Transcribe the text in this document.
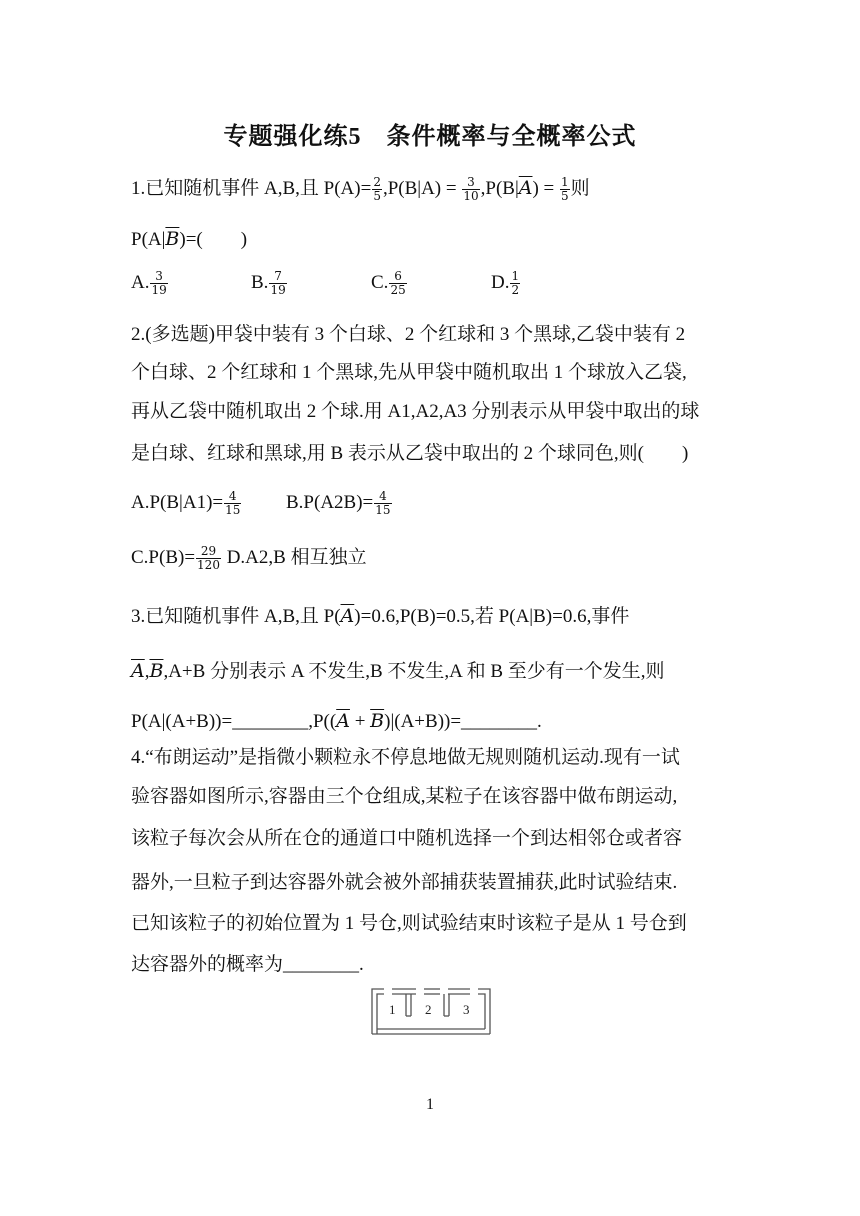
专题强化练5　条件概率与全概率公式
1.已知随机事件 A,B,且 $P(A)= \frac{2}{5} ,P(B|A) = \frac{3}{10} ,P(B|\overline{A}) = \frac{1}{5}$ 则
$P(A|\overline{B})=$(　　)
A. $\frac{3}{19}$	B. $\frac{7}{19}$	C. $\frac{6}{25}$	D. $\frac{1}{2}$
2.(多选题)甲袋中装有 3 个白球、2 个红球和 3 个黑球,乙袋中装有 2
个白球、2 个红球和 1 个黑球,先从甲袋中随机取出 1 个球放入乙袋,
再从乙袋中随机取出 2 个球.用 A1,A2,A3 分别表示从甲袋中取出的球
是白球、红球和黑球,用 B 表示从乙袋中取出的 2 个球同色,则(　　)
$A.P(B|A1)= \frac{4}{15} B.P(A2B)= \frac{4}{15}$
$C.P(B)= \frac{29}{120} D.A2,B$ 相互独立
3.已知随机事件 A,B,且 $P(\overline{A})=0.6,P(B)=0.5$,若 P(A|B)=0.6,事件
$\overline{A},\overline{B},A+B$ 分别表示 A 不发生,B 不发生,A 和 B 至少有一个发生,则
$P(A|(A+B))=\_\_\_\_\_\_\_\_,P((\overline{A}$ + $\overline{B})|(A+B))=\_\_\_\_\_\_\_\_$.
4.“布朗运动”是指微小颗粒永不停息地做无规则随机运动.现有一试
验容器如图所示,容器由三个仓组成,某粒子在该容器中做布朗运动,
该粒子每次会从所在仓的通道口中随机选择一个到达相邻仓或者容
器外,一旦粒子到达容器外就会被外部捕获装置捕获,此时试验结束.
已知该粒子的初始位置为 1 号仓,则试验结束时该粒子是从 1 号仓到
达容器外的概率为________.
1 2 3
1
